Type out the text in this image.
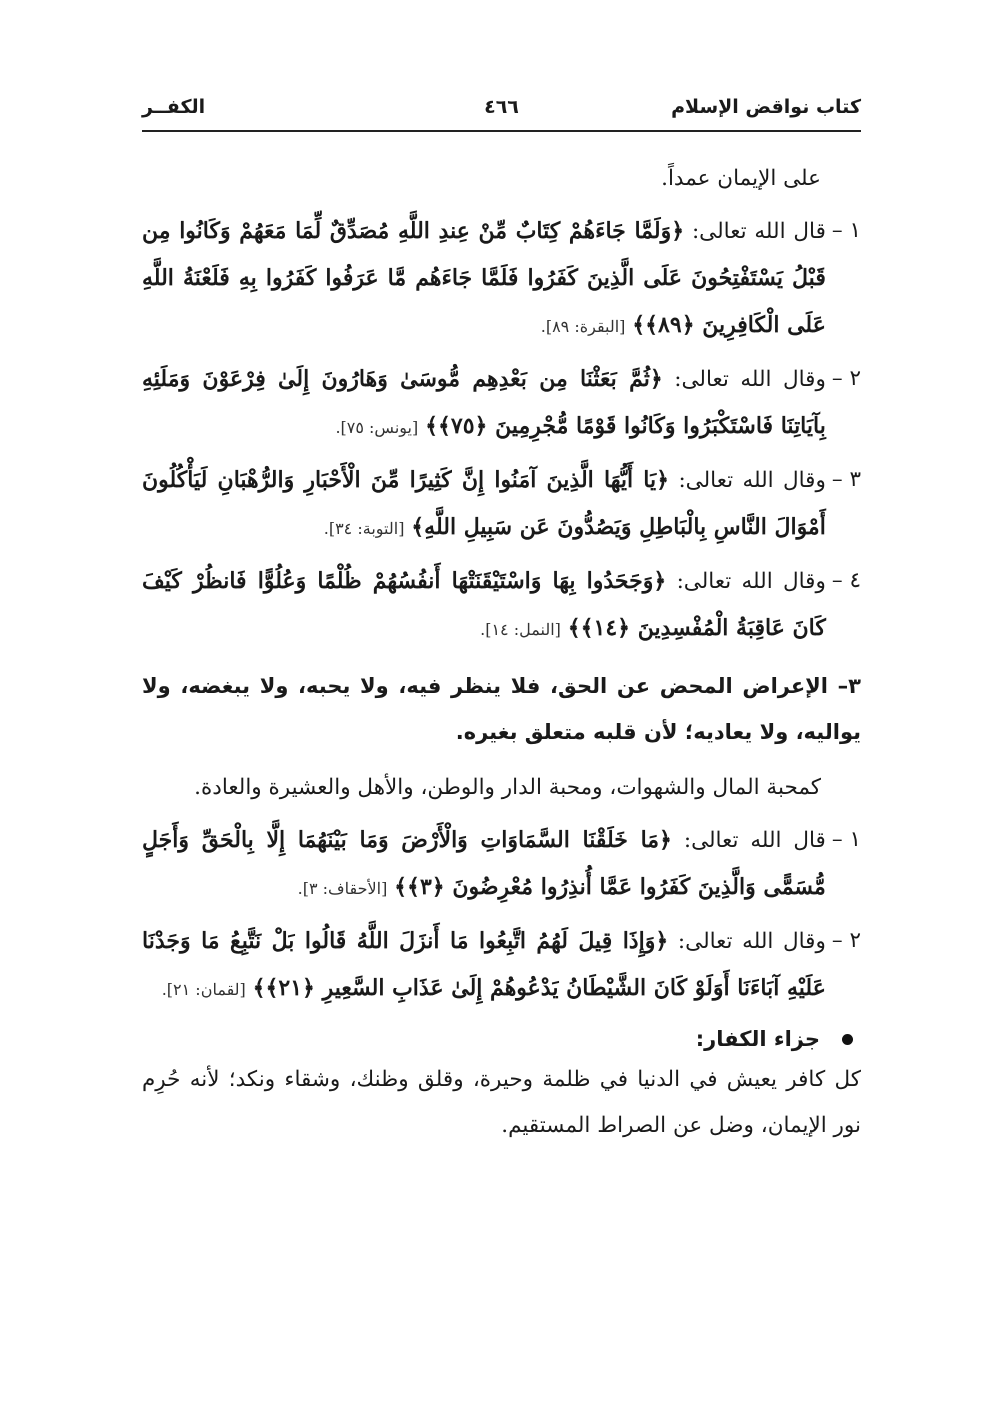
كتاب نواقض الإسلام
٤٦٦
الكفــر

على الإيمان عمداً.

١ –
قال الله تعالى: ﴿وَلَمَّا جَاءَهُمْ كِتَابٌ مِّنْ عِندِ اللَّهِ مُصَدِّقٌ لِّمَا مَعَهُمْ وَكَانُوا مِن قَبْلُ يَسْتَفْتِحُونَ عَلَى الَّذِينَ كَفَرُوا فَلَمَّا جَاءَهُم مَّا عَرَفُوا كَفَرُوا بِهِ فَلَعْنَةُ اللَّهِ عَلَى الْكَافِرِينَ ﴿٨٩﴾﴾ [البقرة: ٨٩].
٢ –
وقال الله تعالى: ﴿ثُمَّ بَعَثْنَا مِن بَعْدِهِم مُّوسَىٰ وَهَارُونَ إِلَىٰ فِرْعَوْنَ وَمَلَئِهِ بِآيَاتِنَا فَاسْتَكْبَرُوا وَكَانُوا قَوْمًا مُّجْرِمِينَ ﴿٧٥﴾﴾ [يونس: ٧٥].
٣ –
وقال الله تعالى: ﴿يَا أَيُّهَا الَّذِينَ آمَنُوا إِنَّ كَثِيرًا مِّنَ الْأَحْبَارِ وَالرُّهْبَانِ لَيَأْكُلُونَ أَمْوَالَ النَّاسِ بِالْبَاطِلِ وَيَصُدُّونَ عَن سَبِيلِ اللَّهِ﴾ [التوبة: ٣٤].
٤ –
وقال الله تعالى: ﴿وَجَحَدُوا بِهَا وَاسْتَيْقَنَتْهَا أَنفُسُهُمْ ظُلْمًا وَعُلُوًّا فَانظُرْ كَيْفَ كَانَ عَاقِبَةُ الْمُفْسِدِينَ ﴿١٤﴾﴾ [النمل: ١٤].

٣– الإعراض المحض عن الحق، فلا ينظر فيه، ولا يحبه، ولا يبغضه، ولا يواليه، ولا يعاديه؛ لأن قلبه متعلق بغيره.

كمحبة المال والشهوات، ومحبة الدار والوطن، والأهل والعشيرة والعادة.

١ –
قال الله تعالى: ﴿مَا خَلَقْنَا السَّمَاوَاتِ وَالْأَرْضَ وَمَا بَيْنَهُمَا إِلَّا بِالْحَقِّ وَأَجَلٍ مُّسَمًّى وَالَّذِينَ كَفَرُوا عَمَّا أُنذِرُوا مُعْرِضُونَ ﴿٣﴾﴾ [الأحقاف: ٣].
٢ –
وقال الله تعالى: ﴿وَإِذَا قِيلَ لَهُمُ اتَّبِعُوا مَا أَنزَلَ اللَّهُ قَالُوا بَلْ نَتَّبِعُ مَا وَجَدْنَا عَلَيْهِ آبَاءَنَا أَوَلَوْ كَانَ الشَّيْطَانُ يَدْعُوهُمْ إِلَىٰ عَذَابِ السَّعِيرِ ﴿٢١﴾﴾ [لقمان: ٢١].
جزاء الكفار:

كل كافر يعيش في الدنيا في ظلمة وحيرة، وقلق وظنك، وشقاء ونكد؛ لأنه حُرِم نور الإيمان، وضل عن الصراط المستقيم.
